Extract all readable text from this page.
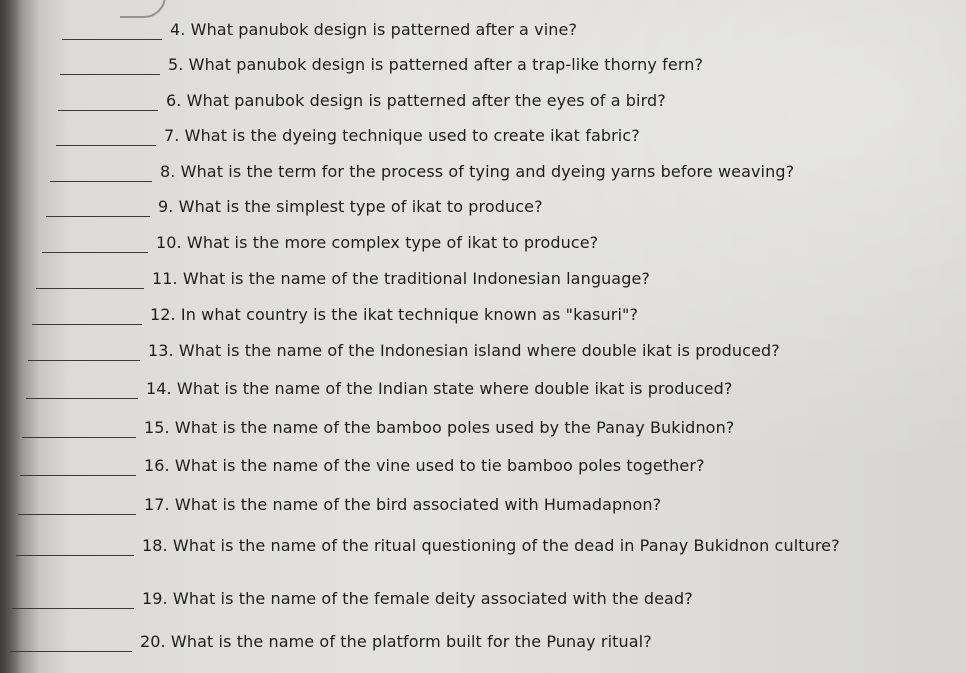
4. What panubok design is patterned after a vine?
5. What panubok design is patterned after a trap-like thorny fern?
6. What panubok design is patterned after the eyes of a bird?
7. What is the dyeing technique used to create ikat fabric?
8. What is the term for the process of tying and dyeing yarns before weaving?
9. What is the simplest type of ikat to produce?
10. What is the more complex type of ikat to produce?
11. What is the name of the traditional Indonesian language?
12. In what country is the ikat technique known as "kasuri"?
13. What is the name of the Indonesian island where double ikat is produced?
14. What is the name of the Indian state where double ikat is produced?
15. What is the name of the bamboo poles used by the Panay Bukidnon?
16. What is the name of the vine used to tie bamboo poles together?
17. What is the name of the bird associated with Humadapnon?
18. What is the name of the ritual questioning of the dead in Panay Bukidnon culture?
19. What is the name of the female deity associated with the dead?
20. What is the name of the platform built for the Punay ritual?
